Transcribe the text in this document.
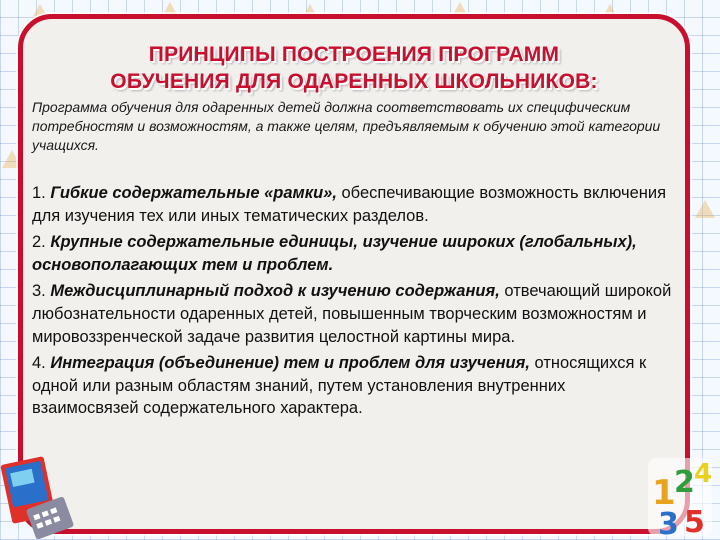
ПРИНЦИПЫ ПОСТРОЕНИЯ ПРОГРАММ
ОБУЧЕНИЯ ДЛЯ ОДАРЕННЫХ ШКОЛЬНИКОВ:
Программа обучения для одаренных детей должна соответствовать их специфическим потребностям и возможностям, а также целям, предъявляемым к обучению этой категории учащихся.
1. Гибкие содержательные «рамки», обеспечивающие возможность включения для изучения тех или иных тематических разделов.
2. Крупные содержательные единицы, изучение широких (глобальных), основополагающих тем и проблем.
3. Междисциплинарный подход к изучению содержания, отвечающий широкой любознательности одаренных детей, повышенным творческим возможностям и мировоззренческой задаче развития целостной картины мира.
4. Интеграция (объединение) тем и проблем для изучения, относящихся к одной или разным областям знаний, путем установления внутренних взаимосвязей содержательного характера.
1
2 4
3 5
